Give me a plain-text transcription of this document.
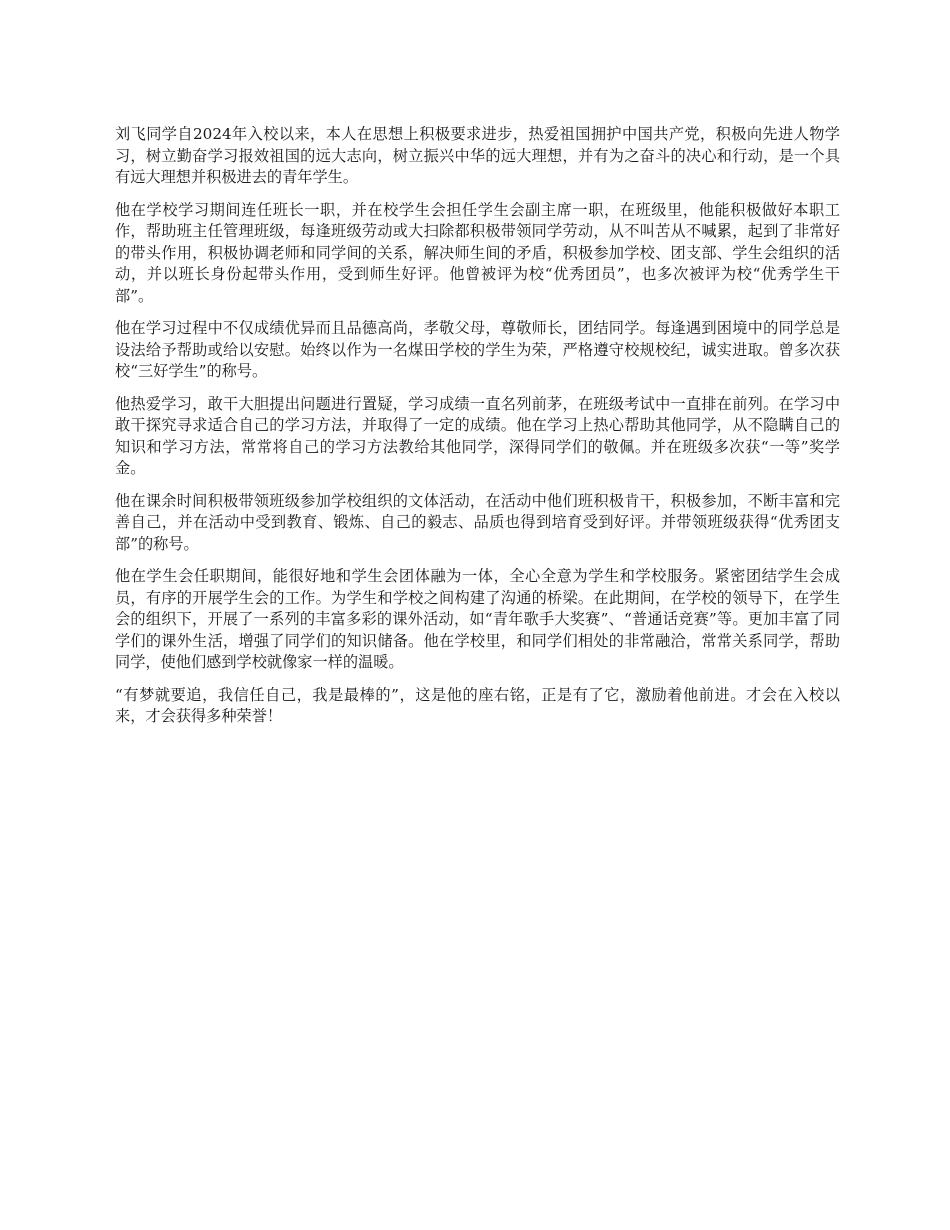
刘飞同学自2024年入校以来，本人在思想上积极要求进步，热爱祖国拥护中国共产党，积极向先进人物学习，树立勤奋学习报效祖国的远大志向，树立振兴中华的远大理想，并有为之奋斗的决心和行动，是一个具有远大理想并积极进去的青年学生。

他在学校学习期间连任班长一职，并在校学生会担任学生会副主席一职，在班级里，他能积极做好本职工作，帮助班主任管理班级，每逢班级劳动或大扫除都积极带领同学劳动，从不叫苦从不喊累，起到了非常好的带头作用，积极协调老师和同学间的关系，解决师生间的矛盾，积极参加学校、团支部、学生会组织的活动，并以班长身份起带头作用，受到师生好评。他曾被评为校“优秀团员”，也多次被评为校“优秀学生干部”。

他在学习过程中不仅成绩优异而且品德高尚，孝敬父母，尊敬师长，团结同学。每逢遇到困境中的同学总是设法给予帮助或给以安慰。始终以作为一名煤田学校的学生为荣，严格遵守校规校纪，诚实进取。曾多次获校“三好学生”的称号。

他热爱学习，敢干大胆提出问题进行置疑，学习成绩一直名列前茅，在班级考试中一直排在前列。在学习中敢干探究寻求适合自己的学习方法，并取得了一定的成绩。他在学习上热心帮助其他同学，从不隐瞒自己的知识和学习方法，常常将自己的学习方法教给其他同学，深得同学们的敬佩。并在班级多次获“一等”奖学金。

他在课余时间积极带领班级参加学校组织的文体活动，在活动中他们班积极肯干，积极参加，不断丰富和完善自己，并在活动中受到教育、锻炼、自己的毅志、品质也得到培育受到好评。并带领班级获得“优秀团支部”的称号。

他在学生会任职期间，能很好地和学生会团体融为一体，全心全意为学生和学校服务。紧密团结学生会成员，有序的开展学生会的工作。为学生和学校之间构建了沟通的桥梁。在此期间，在学校的领导下，在学生会的组织下，开展了一系列的丰富多彩的课外活动，如“青年歌手大奖赛”、“普通话竞赛”等。更加丰富了同学们的课外生活，增强了同学们的知识储备。他在学校里，和同学们相处的非常融洽，常常关系同学，帮助同学，使他们感到学校就像家一样的温暖。

“有梦就要追，我信任自己，我是最棒的”，这是他的座右铭，正是有了它，激励着他前进。才会在入校以来，才会获得多种荣誉！
